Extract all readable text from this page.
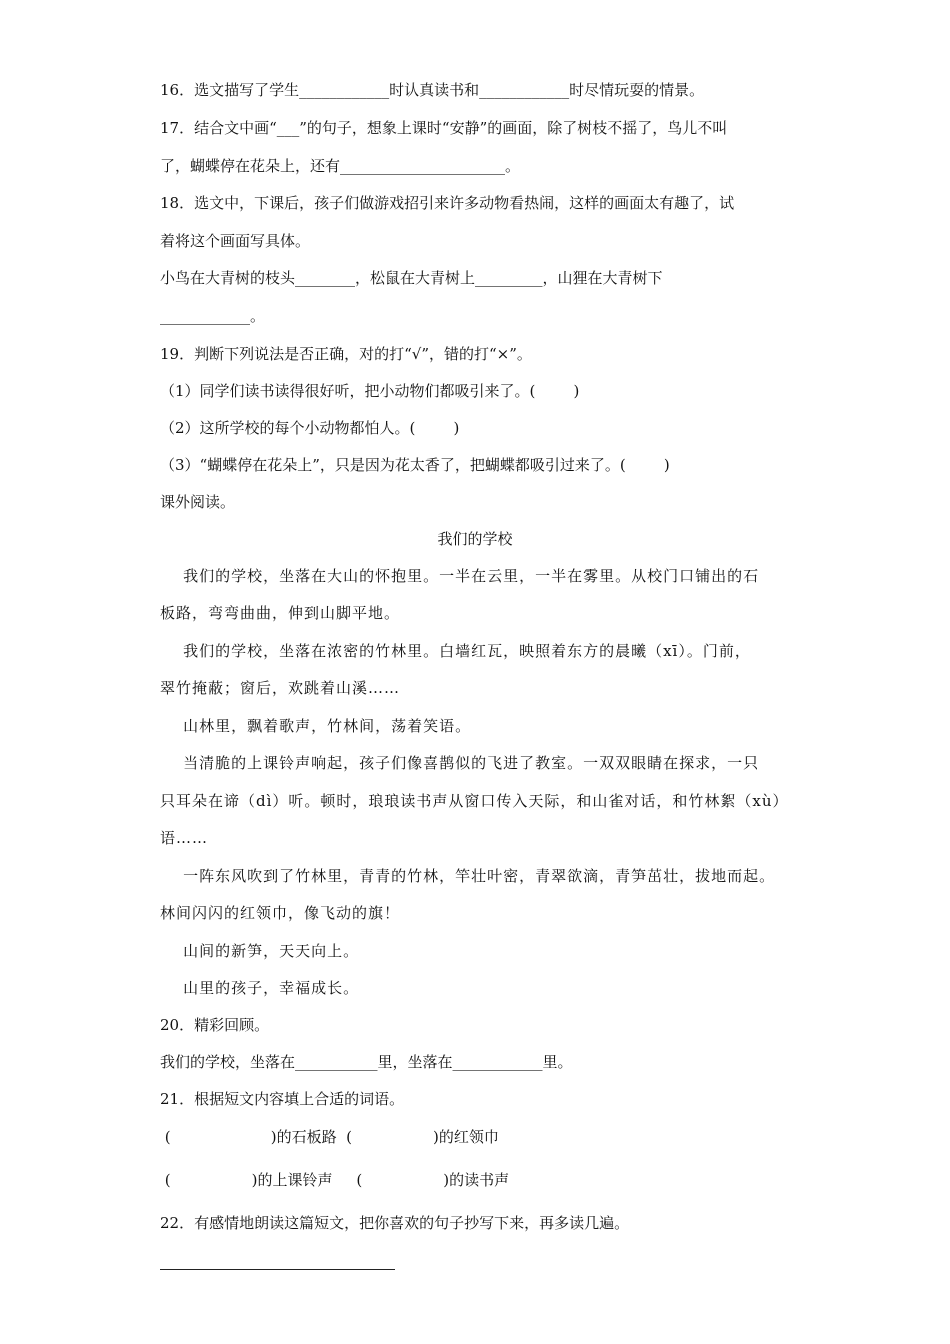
16．选文描写了学生____________时认真读书和____________时尽情玩耍的情景。
17．结合文中画“___”的句子，想象上课时“安静”的画面，除了树枝不摇了，鸟儿不叫
了，蝴蝶停在花朵上，还有______________________。
18．选文中，下课后，孩子们做游戏招引来许多动物看热闹，这样的画面太有趣了，试
着将这个画面写具体。
小鸟在大青树的枝头________，松鼠在大青树上_________，山狸在大青树下
____________。
19．判断下列说法是否正确，对的打“√”，错的打“×”。
（1）同学们读书读得很好听，把小动物们都吸引来了。(        )
（2）这所学校的每个小动物都怕人。(        )
（3）“蝴蝶停在花朵上”，只是因为花太香了，把蝴蝶都吸引过来了。(        )
课外阅读。
我们的学校
我们的学校，坐落在大山的怀抱里。一半在云里，一半在雾里。从校门口铺出的石
板路，弯弯曲曲，伸到山脚平地。
我们的学校，坐落在浓密的竹林里。白墙红瓦，映照着东方的晨曦（xī）。门前，
翠竹掩蔽；窗后，欢跳着山溪……
山林里，飘着歌声，竹林间，荡着笑语。
当清脆的上课铃声响起，孩子们像喜鹊似的飞进了教室。一双双眼睛在探求，一只
只耳朵在谛（dì）听。顿时，琅琅读书声从窗口传入天际，和山雀对话，和竹林絮（xù）
语……
一阵东风吹到了竹林里，青青的竹林，竿壮叶密，青翠欲滴，青笋茁壮，拔地而起。
林间闪闪的红领巾，像飞动的旗！
山间的新笋，天天向上。
山里的孩子，幸福成长。
20．精彩回顾。
我们的学校，坐落在___________里，坐落在____________里。
21．根据短文内容填上合适的词语。
(                     )的石板路  (                 )的红领巾
(                 )的上课铃声     (                 )的读书声
22．有感情地朗读这篇短文，把你喜欢的句子抄写下来，再多读几遍。
